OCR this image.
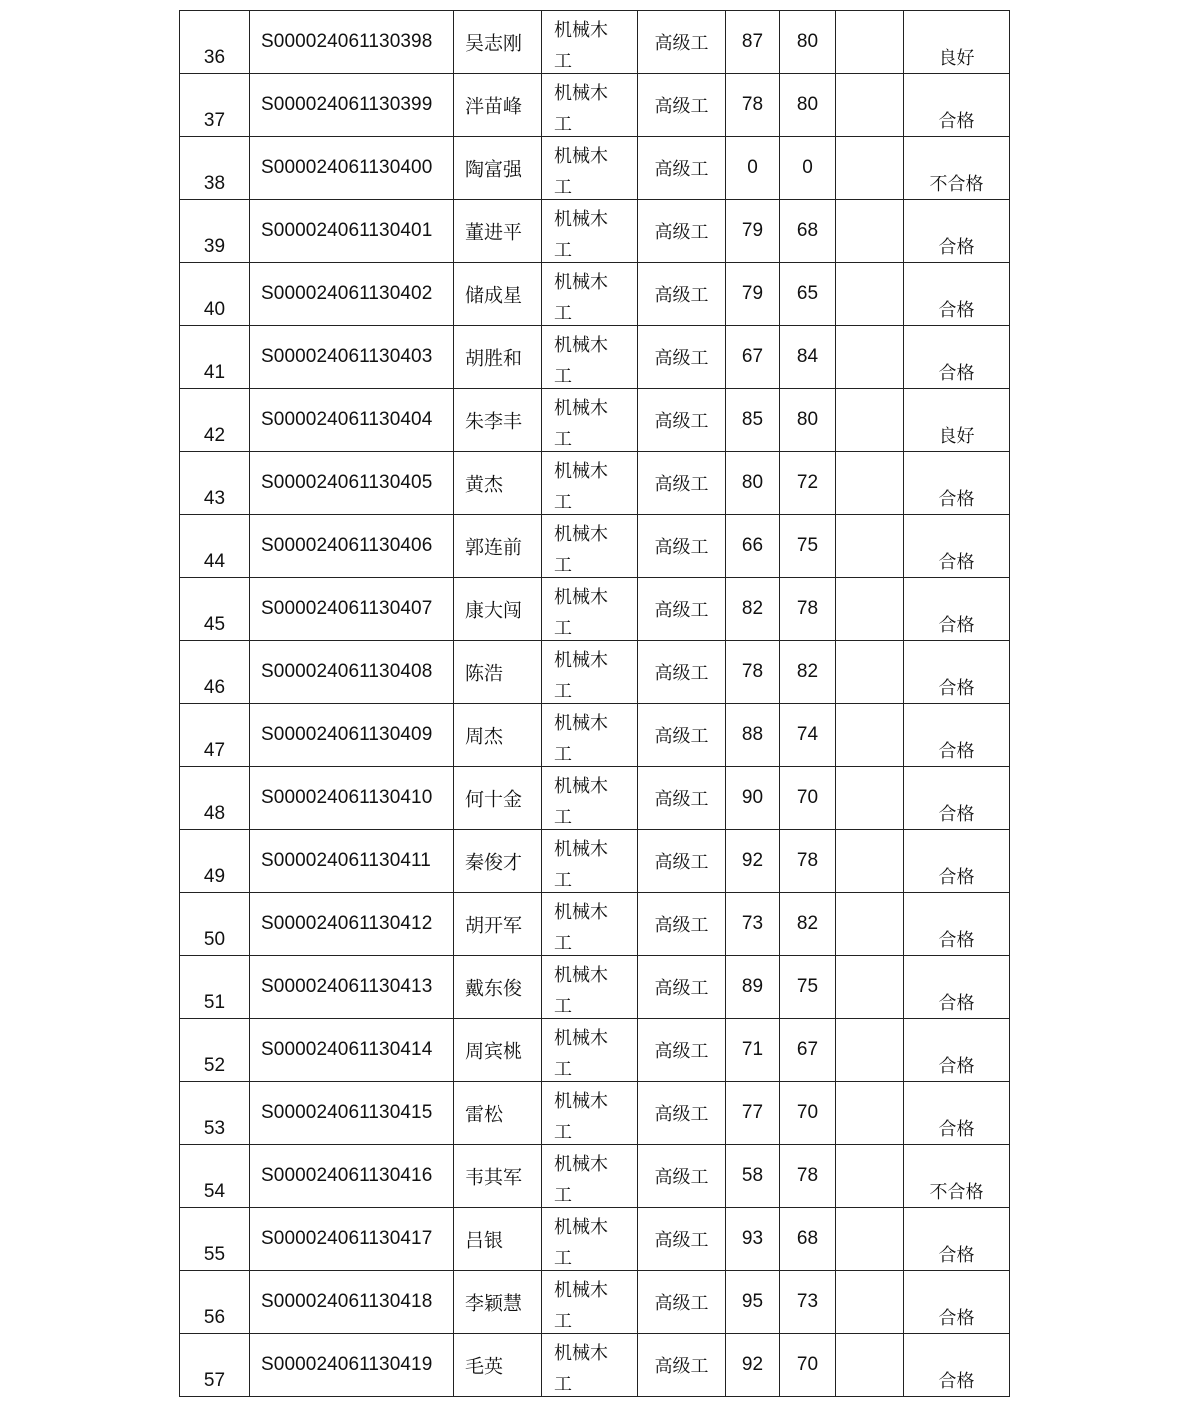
36	S000024061130398	吴志刚	机械木工	高级工	87	80		良好

37	S000024061130399	泮苗峰	机械木工	高级工	78	80		合格

38	S000024061130400	陶富强	机械木工	高级工	0	0		不合格

39	S000024061130401	董进平	机械木工	高级工	79	68		合格

40	S000024061130402	储成星	机械木工	高级工	79	65		合格

41	S000024061130403	胡胜和	机械木工	高级工	67	84		合格

42	S000024061130404	朱李丰	机械木工	高级工	85	80		良好

43	S000024061130405	黄杰	机械木工	高级工	80	72		合格

44	S000024061130406	郭连前	机械木工	高级工	66	75		合格

45	S000024061130407	康大闯	机械木工	高级工	82	78		合格

46	S000024061130408	陈浩	机械木工	高级工	78	82		合格

47	S000024061130409	周杰	机械木工	高级工	88	74		合格

48	S000024061130410	何十金	机械木工	高级工	90	70		合格

49	S000024061130411	秦俊才	机械木工	高级工	92	78		合格

50	S000024061130412	胡开军	机械木工	高级工	73	82		合格

51	S000024061130413	戴东俊	机械木工	高级工	89	75		合格

52	S000024061130414	周宾桃	机械木工	高级工	71	67		合格

53	S000024061130415	雷松	机械木工	高级工	77	70		合格

54	S000024061130416	韦其军	机械木工	高级工	58	78		不合格

55	S000024061130417	吕银	机械木工	高级工	93	68		合格

56	S000024061130418	李颖慧	机械木工	高级工	95	73		合格

57	S000024061130419	毛英	机械木工	高级工	92	70		合格
